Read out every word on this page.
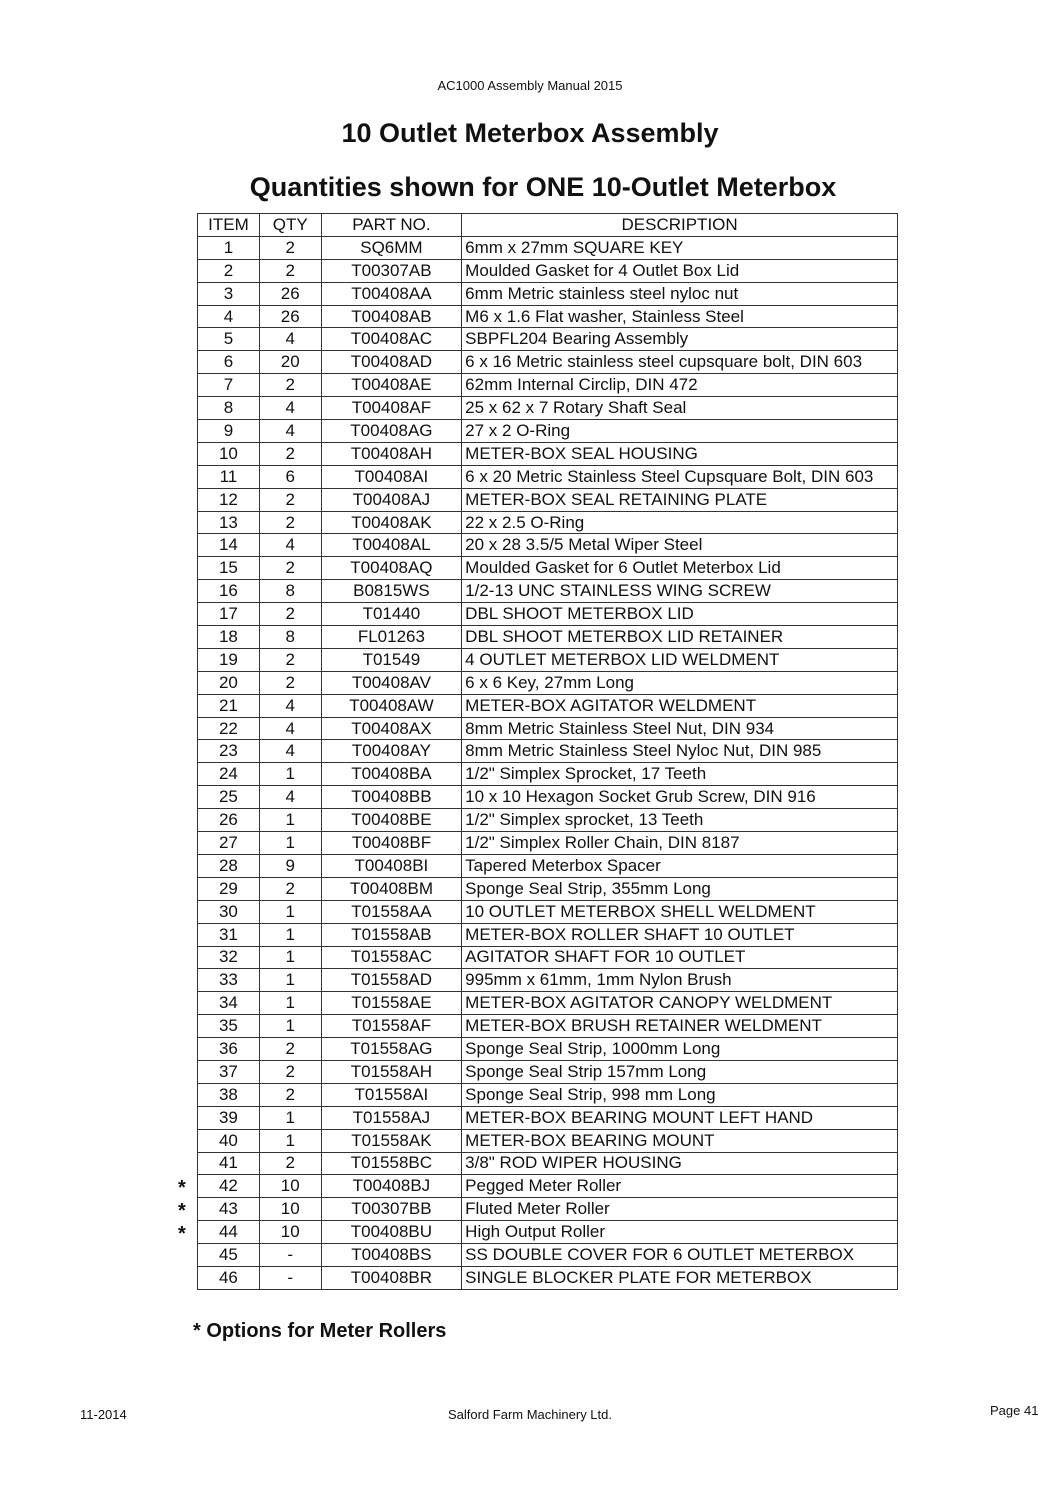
AC1000 Assembly Manual 2015
10 Outlet Meterbox Assembly
Quantities shown for ONE 10-Outlet Meterbox
ITEM	QTY	PART NO.	DESCRIPTION
1	2	SQ6MM	6mm x 27mm SQUARE KEY
2	2	T00307AB	Moulded Gasket for 4 Outlet Box Lid
3	26	T00408AA	6mm Metric stainless steel nyloc nut
4	26	T00408AB	M6 x 1.6 Flat washer, Stainless Steel
5	4	T00408AC	SBPFL204 Bearing Assembly
6	20	T00408AD	6 x 16 Metric stainless steel cupsquare bolt, DIN 603
7	2	T00408AE	62mm Internal Circlip, DIN 472
8	4	T00408AF	25 x 62 x 7 Rotary Shaft Seal
9	4	T00408AG	27 x 2 O-Ring
10	2	T00408AH	METER-BOX SEAL HOUSING
11	6	T00408AI	6 x 20 Metric Stainless Steel Cupsquare Bolt, DIN 603
12	2	T00408AJ	METER-BOX SEAL RETAINING PLATE
13	2	T00408AK	22 x 2.5 O-Ring
14	4	T00408AL	20 x 28 3.5/5 Metal Wiper Steel
15	2	T00408AQ	Moulded Gasket for 6 Outlet Meterbox Lid
16	8	B0815WS	1/2-13 UNC STAINLESS WING SCREW
17	2	T01440	DBL SHOOT METERBOX LID
18	8	FL01263	DBL SHOOT METERBOX LID RETAINER
19	2	T01549	4 OUTLET METERBOX LID WELDMENT
20	2	T00408AV	6 x 6 Key, 27mm Long
21	4	T00408AW	METER-BOX AGITATOR WELDMENT
22	4	T00408AX	8mm Metric Stainless Steel Nut, DIN 934
23	4	T00408AY	8mm Metric Stainless Steel Nyloc Nut, DIN 985
24	1	T00408BA	1/2" Simplex Sprocket, 17 Teeth
25	4	T00408BB	10 x 10 Hexagon Socket Grub Screw, DIN 916
26	1	T00408BE	1/2" Simplex sprocket, 13 Teeth
27	1	T00408BF	1/2" Simplex Roller Chain, DIN 8187
28	9	T00408BI	Tapered Meterbox Spacer
29	2	T00408BM	Sponge Seal Strip, 355mm Long
30	1	T01558AA	10 OUTLET METERBOX SHELL WELDMENT
31	1	T01558AB	METER-BOX ROLLER SHAFT 10 OUTLET
32	1	T01558AC	AGITATOR SHAFT FOR 10 OUTLET
33	1	T01558AD	995mm x 61mm, 1mm Nylon Brush
34	1	T01558AE	METER-BOX AGITATOR CANOPY WELDMENT
35	1	T01558AF	METER-BOX BRUSH RETAINER WELDMENT
36	2	T01558AG	Sponge Seal Strip, 1000mm Long
37	2	T01558AH	Sponge Seal Strip 157mm Long
38	2	T01558AI	Sponge Seal Strip, 998 mm Long
39	1	T01558AJ	METER-BOX BEARING MOUNT LEFT HAND
40	1	T01558AK	METER-BOX BEARING MOUNT
41	2	T01558BC	3/8" ROD WIPER HOUSING
42	10	T00408BJ	Pegged Meter Roller
43	10	T00307BB	Fluted Meter Roller
44	10	T00408BU	High Output Roller
45	-	T00408BS	SS DOUBLE COVER FOR 6 OUTLET METERBOX
46	-	T00408BR	SINGLE BLOCKER PLATE FOR METERBOX
*
*
*
* Options for Meter Rollers
11-2014	Salford Farm Machinery Ltd.	Page 41
